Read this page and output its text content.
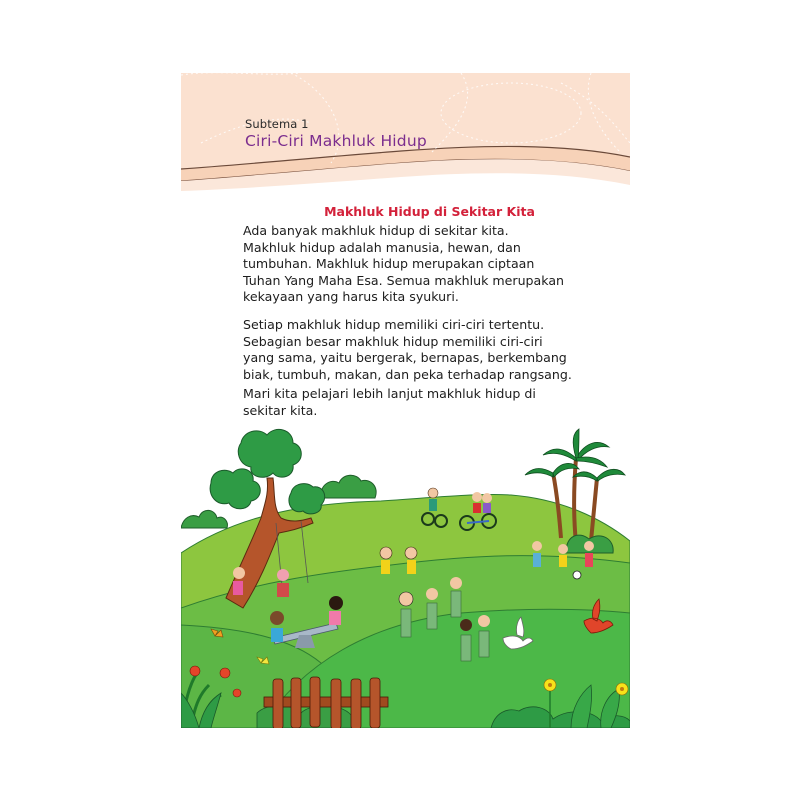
Subtema 1
Ciri-Ciri Makhluk Hidup
Makhluk Hidup di Sekitar Kita

Ada banyak makhluk hidup di sekitar kita.

Makhluk hidup adalah manusia, hewan, dan

tumbuhan. Makhluk hidup merupakan ciptaan

Tuhan Yang Maha Esa. Semua makhluk merupakan

kekayaan yang harus kita syukuri.

Setiap makhluk hidup memiliki ciri-ciri tertentu.

Sebagian besar makhluk hidup memiliki ciri-ciri

yang sama, yaitu bergerak, bernapas, berkembang

biak, tumbuh, makan, dan peka terhadap rangsang.

Mari kita pelajari lebih lanjut makhluk hidup di

sekitar kita.
